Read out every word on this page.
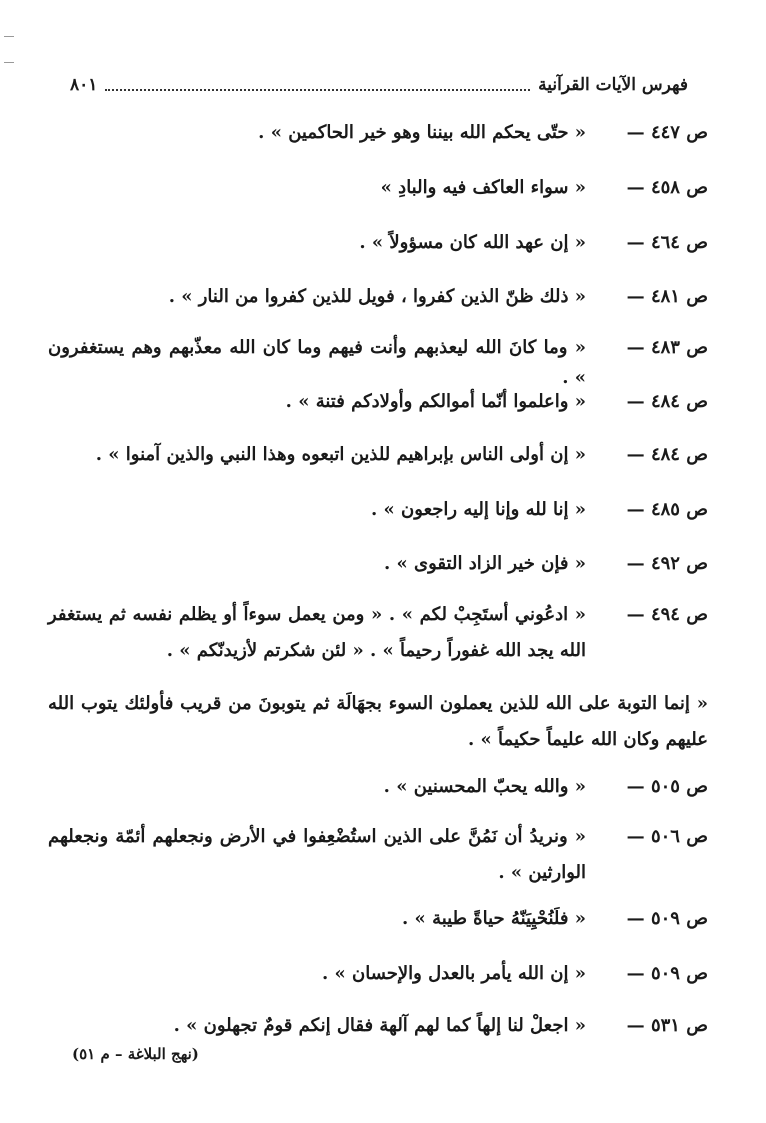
فهرس الآيات القرآنية
٨٠١
ص ٤٤٧ —
« حتّى يحكم الله بيننا وهو خير الحاكمين » .
ص ٤٥٨ —
« سواء العاكف فيه والبادِ »
ص ٤٦٤ —
« إن عهد الله كان مسؤولاً » .
ص ٤٨١ —
« ذلك ظنّ الذين كفروا ، فويل للذين كفروا من النار » .
ص ٤٨٣ —
« وما كانَ الله ليعذبهم وأنت فيهم وما كان الله معذّبهم وهم يستغفرون » .
ص ٤٨٤ —
« واعلموا أنّما أموالكم وأولادكم فتنة » .
ص ٤٨٤ —
« إن أولى الناس بإبراهيم للذين اتبعوه وهذا النبي والذين آمنوا » .
ص ٤٨٥ —
« إنا لله وإنا إليه راجعون » .
ص ٤٩٢ —
« فإن خير الزاد التقوى » .
ص ٤٩٤ —
« ادعُوني أستَجِبْ لكم » . « ومن يعمل سوءاً أو يظلم نفسه ثم يستغفر الله يجد الله غفوراً رحيماً » . « لئن شكرتم لأزيدنّكم » .
« إنما التوبة على الله للذين يعملون السوء بجهَالَة ثم يتوبونَ من قريب فأولئك يتوب الله عليهم وكان الله عليماً حكيماً » .
ص ٥٠٥ —
« والله يحبّ المحسنين » .
ص ٥٠٦ —
« ونريدُ أن نَمُنَّ على الذين استُضْعِفوا في الأرض ونجعلهم أئمّة ونجعلهم الوارثين » .
ص ٥٠٩ —
« فلَنُحْيِيَنّهُ حياةً طيبة » .
ص ٥٠٩ —
« إن الله يأمر بالعدل والإحسان » .
ص ٥٣١ —
« اجعلْ لنا إلهاً كما لهم آلهة فقال إنكم قومٌ تجهلون » .
(نهج البلاغة – م ٥١)
